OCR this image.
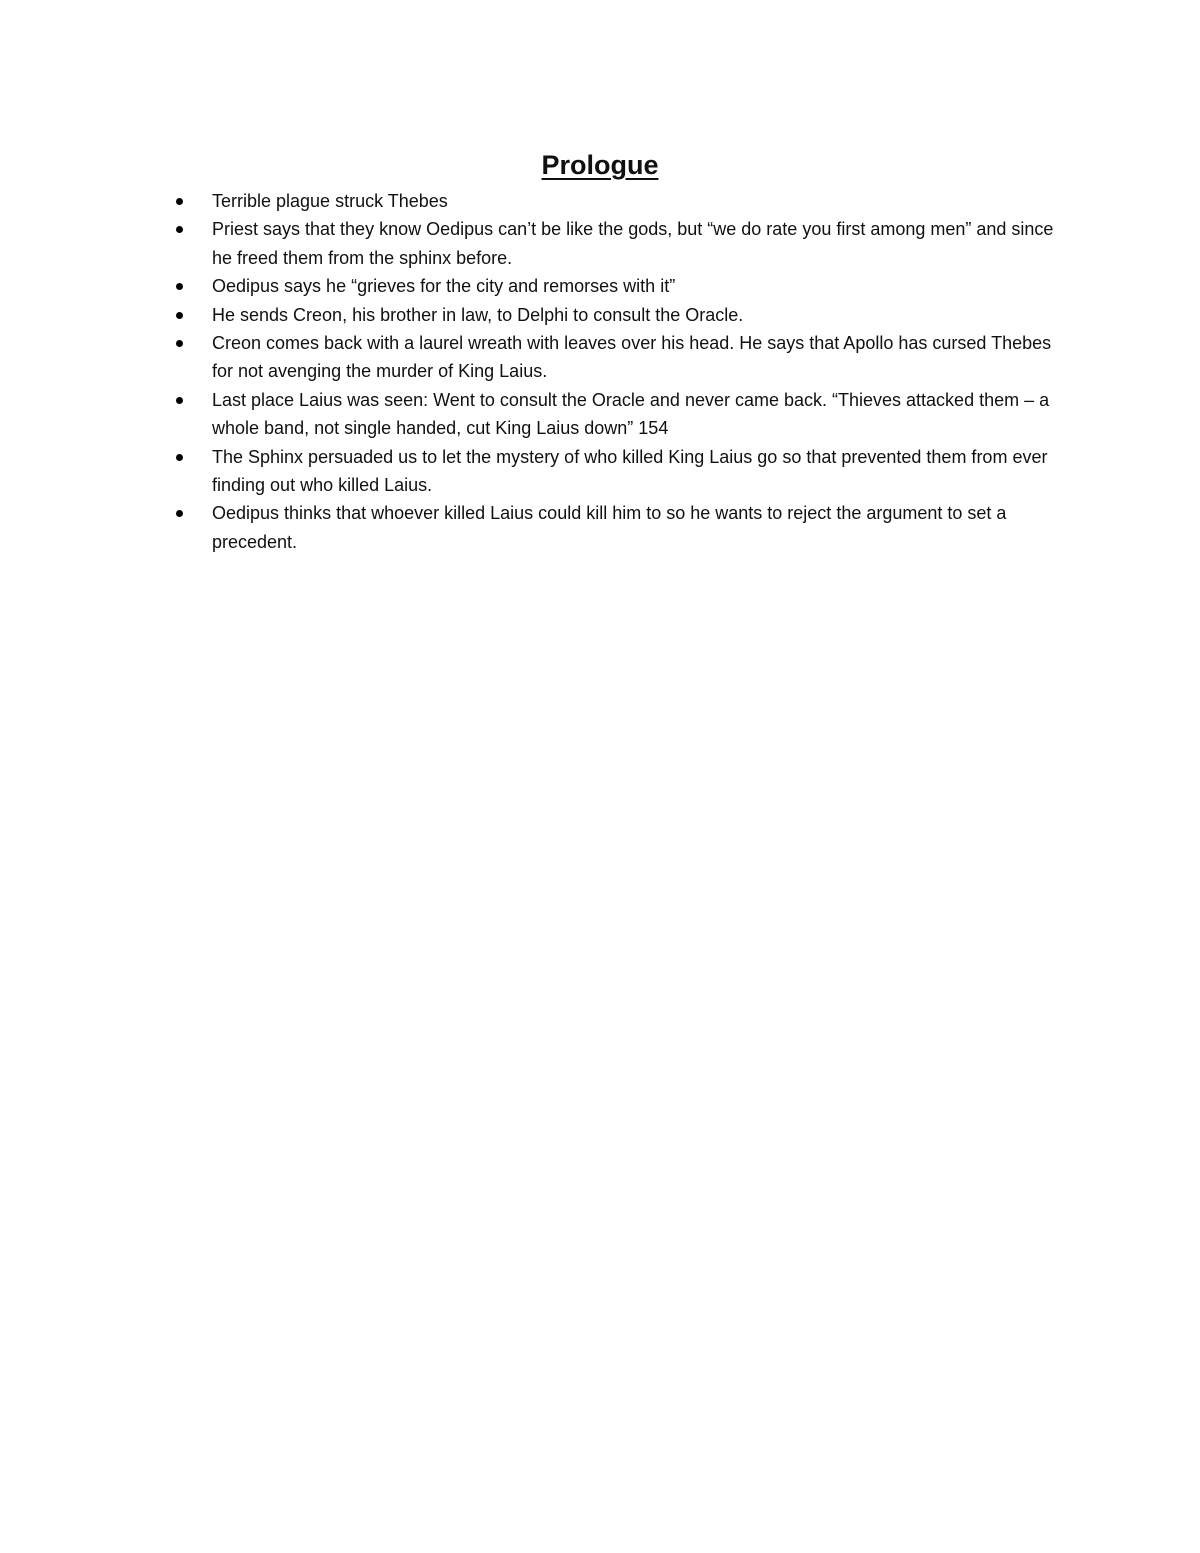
Prologue
Terrible plague struck Thebes
Priest says that they know Oedipus can’t be like the gods, but “we do rate you first among men” and since he freed them from the sphinx before.
Oedipus says he “grieves for the city and remorses with it”
He sends Creon, his brother in law, to Delphi to consult the Oracle.
Creon comes back with a laurel wreath with leaves over his head. He says that Apollo has cursed Thebes for not avenging the murder of King Laius.
Last place Laius was seen: Went to consult the Oracle and never came back. “Thieves attacked them – a whole band, not single handed, cut King Laius down” 154
The Sphinx persuaded us to let the mystery of who killed King Laius go so that prevented them from ever finding out who killed Laius.
Oedipus thinks that whoever killed Laius could kill him to so he wants to reject the argument to set a precedent.
